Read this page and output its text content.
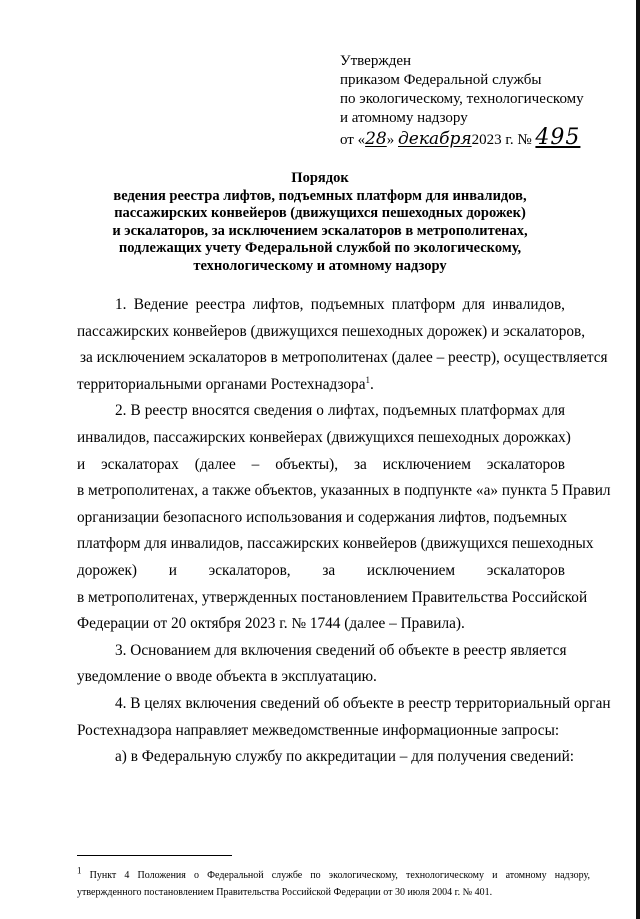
Утвержден
приказом Федеральной службы
по экологическому, технологическому
и атомному надзору
от «28» декабря2023 г. № 495
Порядок
ведения реестра лифтов, подъемных платформ для инвалидов,
пассажирских конвейеров (движущихся пешеходных дорожек)
и эскалаторов, за исключением эскалаторов в метрополитенах,
подлежащих учету Федеральной службой по экологическому,
технологическому и атомному надзору
1. Ведение реестра лифтов, подъемных платформ для инвалидов,
пассажирских конвейеров (движущихся пешеходных дорожек) и эскалаторов,
за исключением эскалаторов в метрополитенах (далее – реестр), осуществляется
территориальными органами Ростехнадзора$^1$.
2. В реестр вносятся сведения о лифтах, подъемных платформах для
инвалидов, пассажирских конвейерах (движущихся пешеходных дорожках)
и эскалаторах (далее – объекты), за исключением эскалаторов
в метрополитенах, а также объектов, указанных в подпункте «а» пункта 5 Правил
организации безопасного использования и содержания лифтов, подъемных
платформ для инвалидов, пассажирских конвейеров (движущихся пешеходных
дорожек) и эскалаторов, за исключением эскалаторов
в метрополитенах, утвержденных постановлением Правительства Российской
Федерации от 20 октября 2023 г. № 1744 (далее – Правила).
3. Основанием для включения сведений об объекте в реестр является
уведомление о вводе объекта в эксплуатацию.
4. В целях включения сведений об объекте в реестр территориальный орган
Ростехнадзора направляет межведомственные информационные запросы:
а) в Федеральную службу по аккредитации – для получения сведений:
$^1$ Пункт 4 Положения о Федеральной службе по экологическому, технологическому и атомному надзору,
утвержденного постановлением Правительства Российской Федерации от 30 июля 2004 г. № 401.
